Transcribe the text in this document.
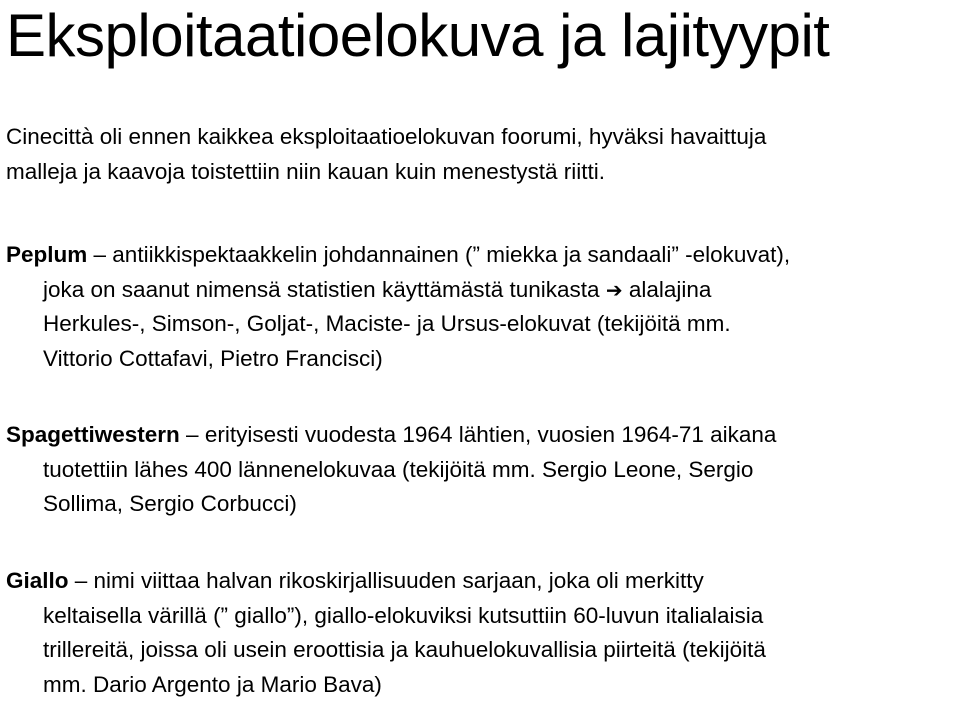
Eksploitaatioelokuva ja lajityypit

Cinecittà oli ennen kaikkea eksploitaatioelokuvan foorumi, hyväksi havaittuja
malleja ja kaavoja toistettiin niin kauan kuin menestystä riitti.

Peplum – antiikkispektaakkelin johdannainen (” miekka ja sandaali” -elokuvat),
joka on saanut nimensä statistien käyttämästä tunikasta ➔ alalajina
Herkules-, Simson-, Goljat-, Maciste- ja Ursus-elokuvat (tekijöitä mm.
Vittorio Cottafavi, Pietro Francisci)

Spagettiwestern – erityisesti vuodesta 1964 lähtien, vuosien 1964-71 aikana
tuotettiin lähes 400 lännenelokuvaa (tekijöitä mm. Sergio Leone, Sergio
Sollima, Sergio Corbucci)

Giallo – nimi viittaa halvan rikoskirjallisuuden sarjaan, joka oli merkitty
keltaisella värillä (” giallo”), giallo-elokuviksi kutsuttiin 60-luvun italialaisia
trillereitä, joissa oli usein eroottisia ja kauhuelokuvallisia piirteitä (tekijöitä
mm. Dario Argento ja Mario Bava)
